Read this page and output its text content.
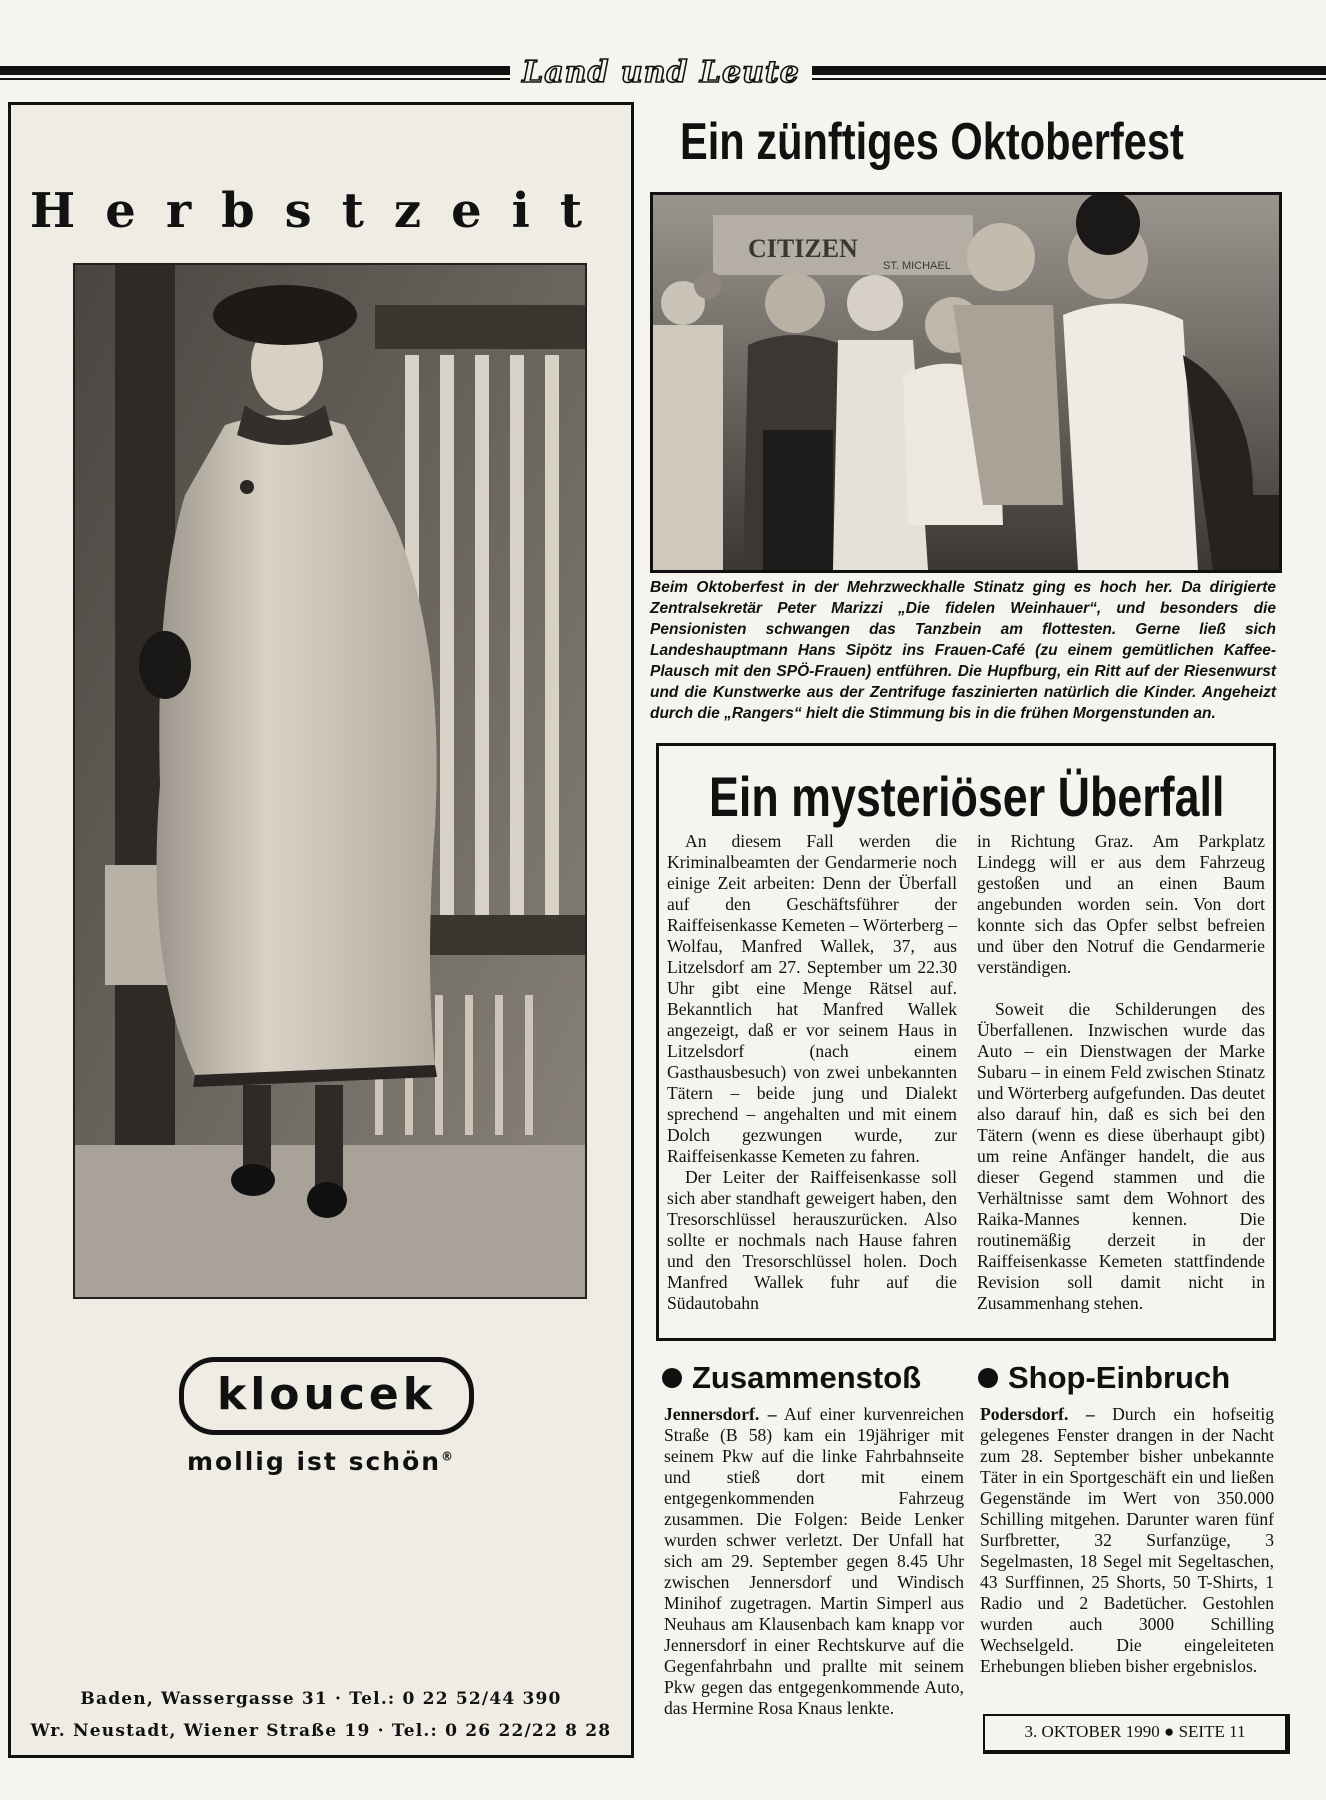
Land und Leute
Herbstzeit
kloucek
mollig ist schön®
Baden, Wassergasse 31 · Tel.: 0 22 52/44 390
Wr. Neustadt, Wiener Straße 19 · Tel.: 0 26 22/22 8 28
Ein zünftiges Oktoberfest
CITIZEN
ST. MICHAEL
Beim Oktoberfest in der Mehrzweckhalle Stinatz ging es hoch her. Da dirigierte Zentralsekretär Peter Marizzi „Die fidelen Weinhauer“, und besonders die Pensionisten schwangen das Tanzbein am flottesten. Gerne ließ sich Landeshauptmann Hans Sipötz ins Frauen-Café (zu einem gemütlichen Kaffee-Plausch mit den SPÖ-Frauen) entführen. Die Hupfburg, ein Ritt auf der Riesenwurst und die Kunstwerke aus der Zentrifuge faszinierten natürlich die Kinder. Angeheizt durch die „Rangers“ hielt die Stimmung bis in die frühen Morgenstunden an.
Ein mysteriöser Überfall

An diesem Fall werden die Kriminalbeamten der Gendarmerie noch einige Zeit arbeiten: Denn der Überfall auf den Geschäftsführer der Raiffeisenkasse Kemeten – Wörterberg – Wolfau, Manfred Wallek, 37, aus Litzelsdorf am 27. September um 22.30 Uhr gibt eine Menge Rätsel auf. Bekanntlich hat Manfred Wallek angezeigt, daß er vor seinem Haus in Litzelsdorf (nach einem Gasthausbesuch) von zwei unbekannten Tätern – beide jung und Dialekt sprechend – angehalten und mit einem Dolch gezwungen wurde, zur Raiffeisenkasse Kemeten zu fahren.

Der Leiter der Raiffeisenkasse soll sich aber standhaft geweigert haben, den Tresorschlüssel herauszurücken. Also sollte er nochmals nach Hause fahren und den Tresorschlüssel holen. Doch Manfred Wallek fuhr auf die Südautobahn

in Richtung Graz. Am Parkplatz Lindegg will er aus dem Fahrzeug gestoßen und an einen Baum angebunden worden sein. Von dort konnte sich das Opfer selbst befreien und über den Notruf die Gendarmerie verständigen.

Soweit die Schilderungen des Überfallenen. Inzwischen wurde das Auto – ein Dienstwagen der Marke Subaru – in einem Feld zwischen Stinatz und Wörterberg aufgefunden. Das deutet also darauf hin, daß es sich bei den Tätern (wenn es diese überhaupt gibt) um reine Anfänger handelt, die aus dieser Gegend stammen und die Verhältnisse samt dem Wohnort des Raika-Mannes kennen. Die routinemäßig derzeit in der Raiffeisenkasse Kemeten stattfindende Revision soll damit nicht in Zusammenhang stehen.

Zusammenstoß

Jennersdorf. – Auf einer kurvenreichen Straße (B 58) kam ein 19jähriger mit seinem Pkw auf die linke Fahrbahnseite und stieß dort mit einem entgegenkommenden Fahrzeug zusammen. Die Folgen: Beide Lenker wurden schwer verletzt. Der Unfall hat sich am 29. September gegen 8.45 Uhr zwischen Jennersdorf und Windisch Minihof zugetragen. Martin Simperl aus Neuhaus am Klausenbach kam knapp vor Jennersdorf in einer Rechtskurve auf die Gegenfahrbahn und prallte mit seinem Pkw gegen das entgegenkommende Auto, das Hermine Rosa Knaus lenkte.

Shop-Einbruch

Podersdorf. – Durch ein hofseitig gelegenes Fenster drangen in der Nacht zum 28. September bisher unbekannte Täter in ein Sportgeschäft ein und ließen Gegenstände im Wert von 350.000 Schilling mitgehen. Darunter waren fünf Surfbretter, 32 Surfanzüge, 3 Segelmasten, 18 Segel mit Segeltaschen, 43 Surffinnen, 25 Shorts, 50 T-Shirts, 1 Radio und 2 Badetücher. Gestohlen wurden auch 3000 Schilling Wechselgeld. Die eingeleiteten Erhebungen blieben bisher ergebnislos.

3. OKTOBER 1990 ● SEITE 11
